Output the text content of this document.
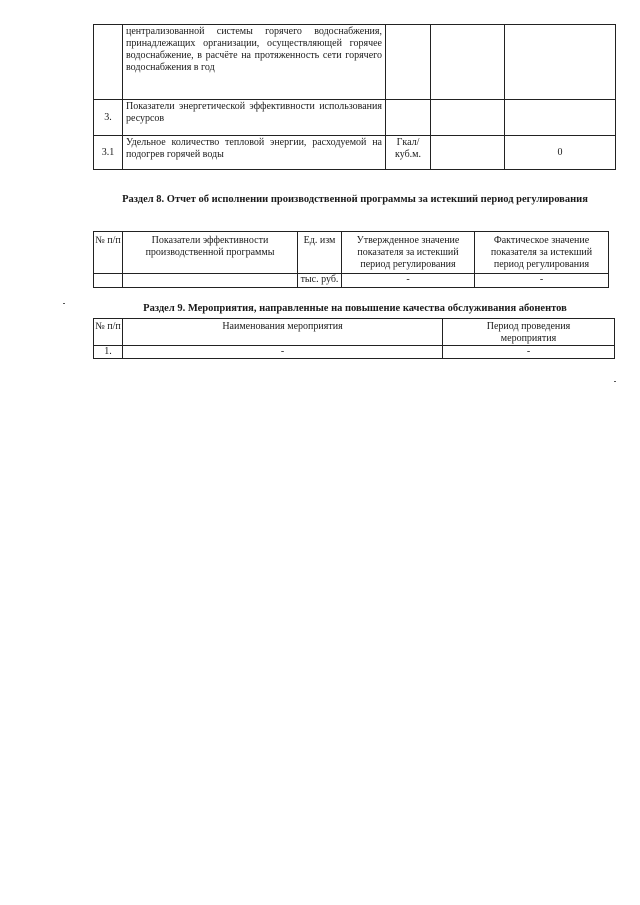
	централизованной системы горячего водоснабжения, принадлежащих организации, осуществляющей горячее водоснабжение, в расчёте на протяженность сети горячего водоснабжения в год			
3.	Показатели энергетической эффективности использования ресурсов			
3.1	Удельное количество тепловой энергии, расходуемой на подогрев горячей воды	Гкал/ куб.м.		0
Раздел 8. Отчет об исполнении производственной программы за истекший период регулирования
№ п/п	Показатели эффективности производственной программы	Ед. изм	Утвержденное значение показателя за истекший период регулирования	Фактическое значение показателя за истекший период регулирования
		тыс. руб.	-	-
Раздел 9. Мероприятия, направленные на повышение качества обслуживания абонентов
№ п/п	Наименования мероприятия	Период проведения мероприятия
1.	-	-
